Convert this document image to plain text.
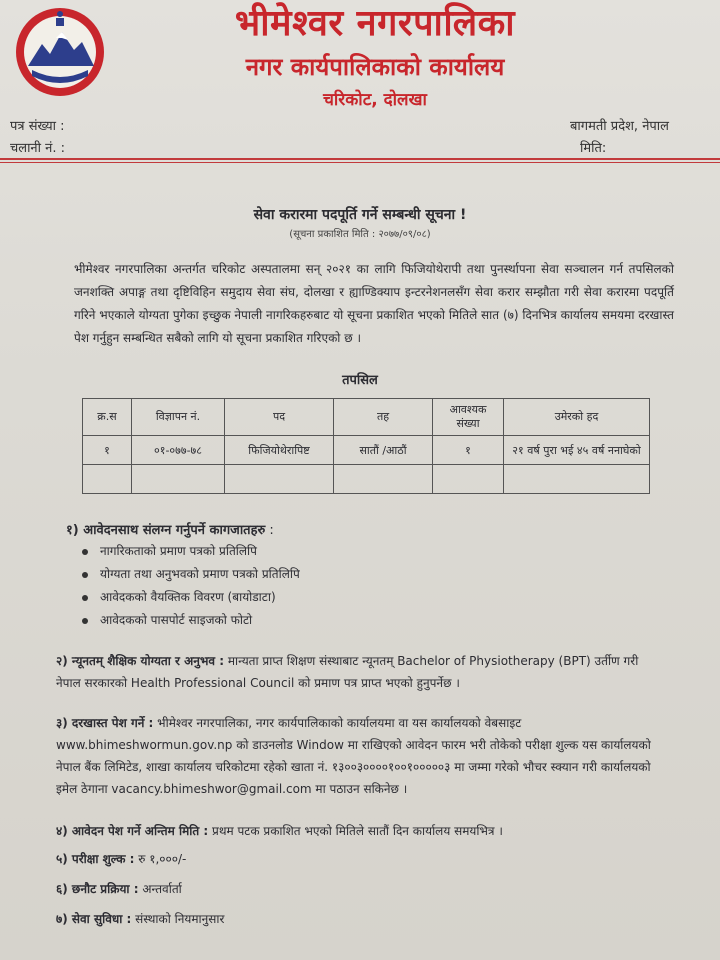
भीमेश्वर नगरपालिका
नगर कार्यपालिकाको कार्यालय
चरिकोट, दोलखा
पत्र संख्या :
चलानी नं. :
बागमती प्रदेश, नेपाल
मिति:
सेवा करारमा पदपूर्ति गर्ने सम्बन्धी सूचना !
(सूचना प्रकाशित मिति : २०७७/०९/०८)
भीमेश्वर नगरपालिका अन्तर्गत चरिकोट अस्पतालमा सन् २०२१ का लागि फिजियोथेरापी तथा पुनर्स्थापना सेवा सञ्चालन गर्न तपसिलको जनशक्ति अपाङ्ग तथा दृष्टिविहिन समुदाय सेवा संघ, दोलखा र ह्याण्डिक्याप इन्टरनेशनलसँग सेवा करार सम्झौता गरी सेवा करारमा पदपूर्ति गरिने भएकाले योग्यता पुगेका इच्छुक नेपाली नागरिकहरुबाट यो सूचना प्रकाशित भएको मितिले सात (७) दिनभित्र कार्यालय समयमा दरखास्त पेश गर्नुहुन सम्बन्धित सबैको लागि यो सूचना प्रकाशित गरिएको छ ।
तपसिल
क्र.स	विज्ञापन नं.	पद	तह	आवश्यक संख्या	उमेरको हद
१	०१-०७७-७८	फिजियोथेरापिष्ट	सातौं /आठौं	१	२१ वर्ष पुरा भई ४५ वर्ष ननाघेको

१) आवेदनसाथ संलग्न गर्नुपर्ने कागजातहरु :
नागरिकताको प्रमाण पत्रको प्रतिलिपि
योग्यता तथा अनुभवको प्रमाण पत्रको प्रतिलिपि
आवेदकको वैयक्तिक विवरण (बायोडाटा)
आवेदकको पासपोर्ट साइजको फोटो
२) न्यूनतम् शैक्षिक योग्यता र अनुभव : मान्यता प्राप्त शिक्षण संस्थाबाट न्यूनतम् Bachelor of Physiotherapy (BPT) उर्तीण गरी नेपाल सरकारको Health Professional Council को प्रमाण पत्र प्राप्त भएको हुनुपर्नेछ ।
३) दरखास्त पेश गर्ने : भीमेश्वर नगरपालिका, नगर कार्यपालिकाको कार्यालयमा वा यस कार्यालयको वेबसाइट www.bhimeshwormun.gov.np को डाउनलोड Window मा राखिएको आवेदन फारम भरी तोकेको परीक्षा शुल्क यस कार्यालयको नेपाल बैंक लिमिटेड, शाखा कार्यालय चरिकोटमा रहेको खाता नं. १३००३००००१००१०००००३ मा जम्मा गरेको भौचर स्क्यान गरी कार्यालयको इमेल ठेगाना vacancy.bhimeshwor@gmail.com मा पठाउन सकिनेछ ।
४) आवेदन पेश गर्ने अन्तिम मिति : प्रथम पटक प्रकाशित भएको मितिले सातौं दिन कार्यालय समयभित्र ।
५) परीक्षा शुल्क : रु १,०००/-
६) छनौट प्रक्रिया : अन्तर्वार्ता
७) सेवा सुविधा : संस्थाको नियमानुसार
